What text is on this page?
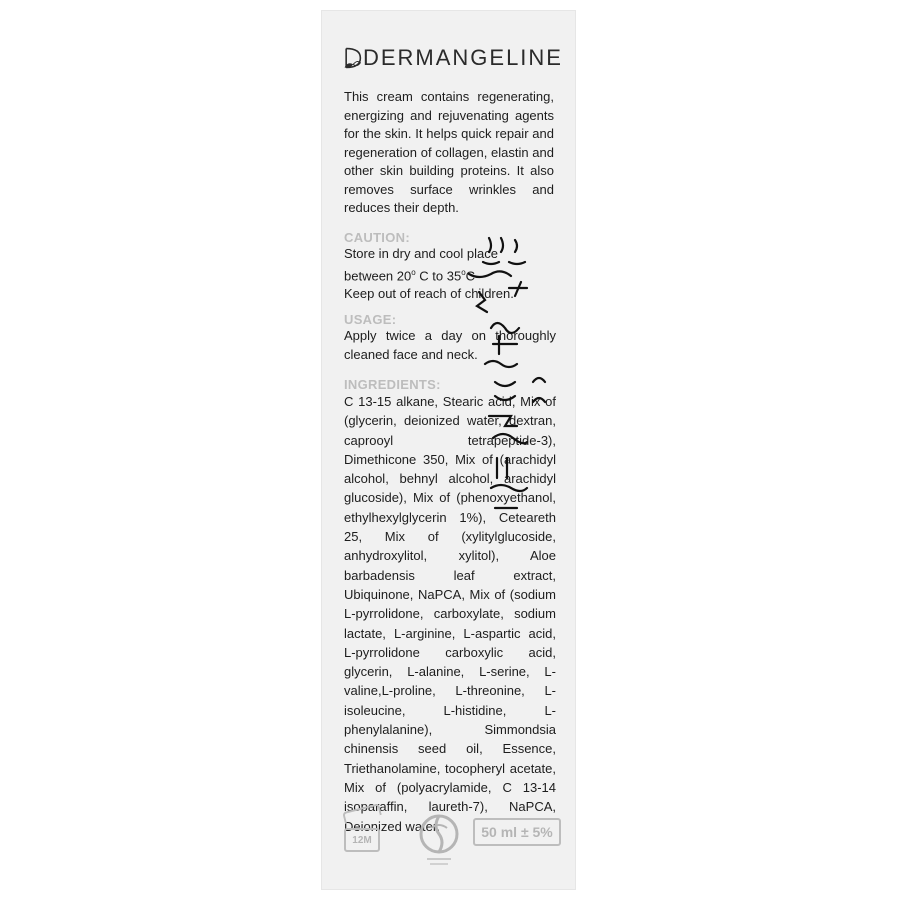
DERMANGELINE
This cream contains regenerating, energizing and rejuvenating agents for the skin. It helps quick repair and regeneration of collagen, elastin and other skin building proteins. It also removes surface wrinkles and reduces their depth.
CAUTION:
Store in dry and cool place
between 20$^o$ C to 35$^o$C
Keep out of reach of children.
USAGE:
Apply twice a day on thoroughly cleaned face and neck.
INGREDIENTS:
C 13-15 alkane, Stearic acid, Mix of (glycerin, deionized water, dextran, caprooyl tetrapeptide-3), Dimethicone 350, Mix of (arachidyl alcohol, behnyl alcohol, arachidyl glucoside), Mix of (phenoxyethanol, ethylhexylglycerin 1%), Ceteareth 25, Mix of (xylitylglucoside, anhydroxylitol, xylitol), Aloe barbadensis leaf extract, Ubiquinone, NaPCA, Mix of (sodium L-pyrrolidone, carboxylate, sodium lactate, L-arginine, L-aspartic acid, L-pyrrolidone carboxylic acid, glycerin, L-alanine, L-serine, L-valine,L-proline, L-threonine, L-isoleucine, L-histidine, L-phenylalanine), Simmondsia chinensis seed oil, Essence, Triethanolamine, tocopheryl acetate, Mix of (polyacrylamide, C 13-14 isoparaffin, laureth-7), NaPCA, Deionized water.
12M	50 ml ± 5%
